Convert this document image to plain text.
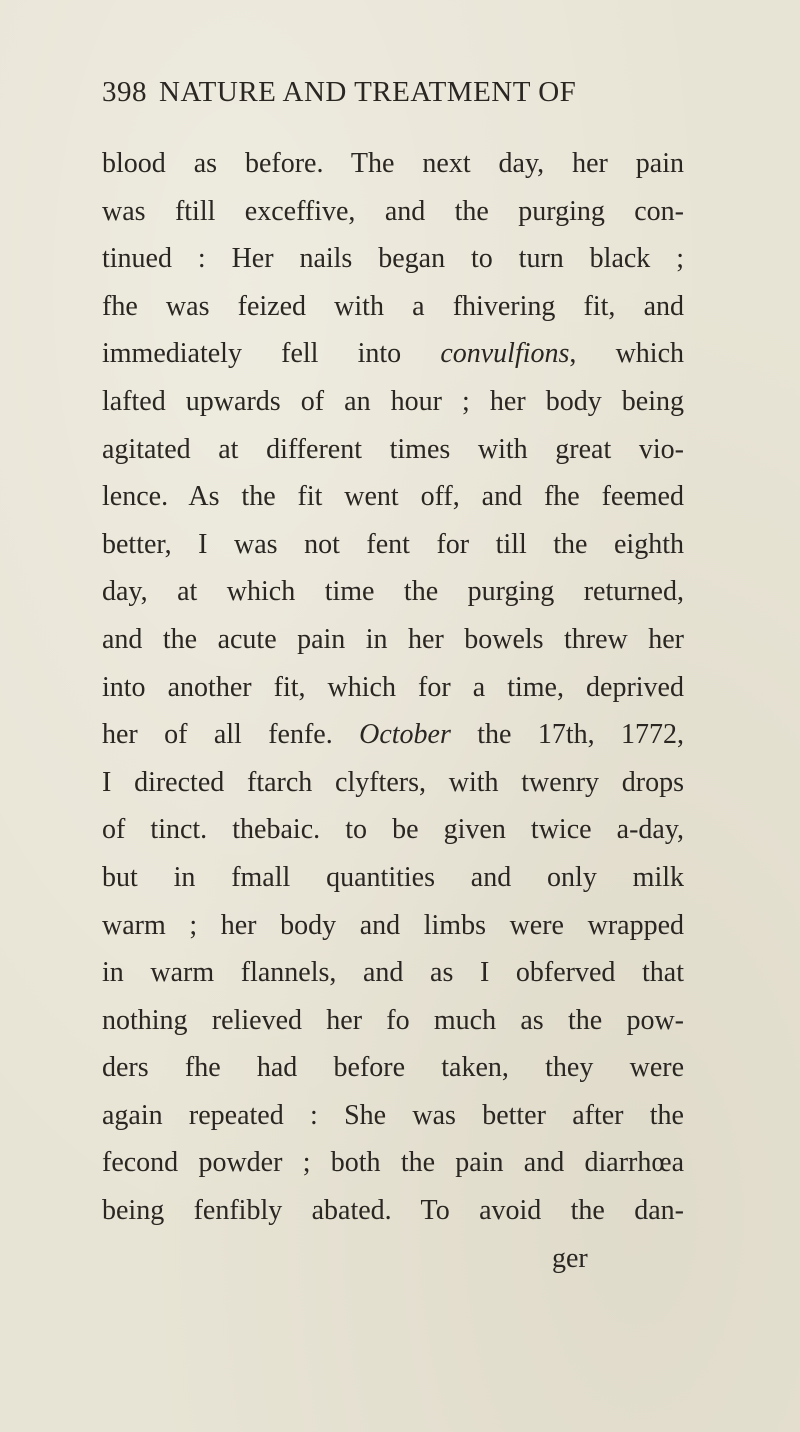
398 NATURE AND TREATMENT OF
blood as before. The next day, her pain
was ftill exceffive, and the purging con-
tinued : Her nails began to turn black ;
fhe was feized with a fhivering fit, and
immediately fell into convulfions, which
lafted upwards of an hour ; her body being
agitated at different times with great vio-
lence. As the fit went off, and fhe feemed
better, I was not fent for till the eighth
day, at which time the purging returned,
and the acute pain in her bowels threw her
into another fit, which for a time, deprived
her of all fenfe. October the 17th, 1772,
I directed ftarch clyfters, with twenry drops
of tinct. thebaic. to be given twice a-day,
but in fmall quantities and only milk
warm ; her body and limbs were wrapped
in warm flannels, and as I obferved that
nothing relieved her fo much as the pow-
ders fhe had before taken, they were
again repeated : She was better after the
fecond powder ; both the pain and diarrhœa
being fenfibly abated. To avoid the dan-
ger
